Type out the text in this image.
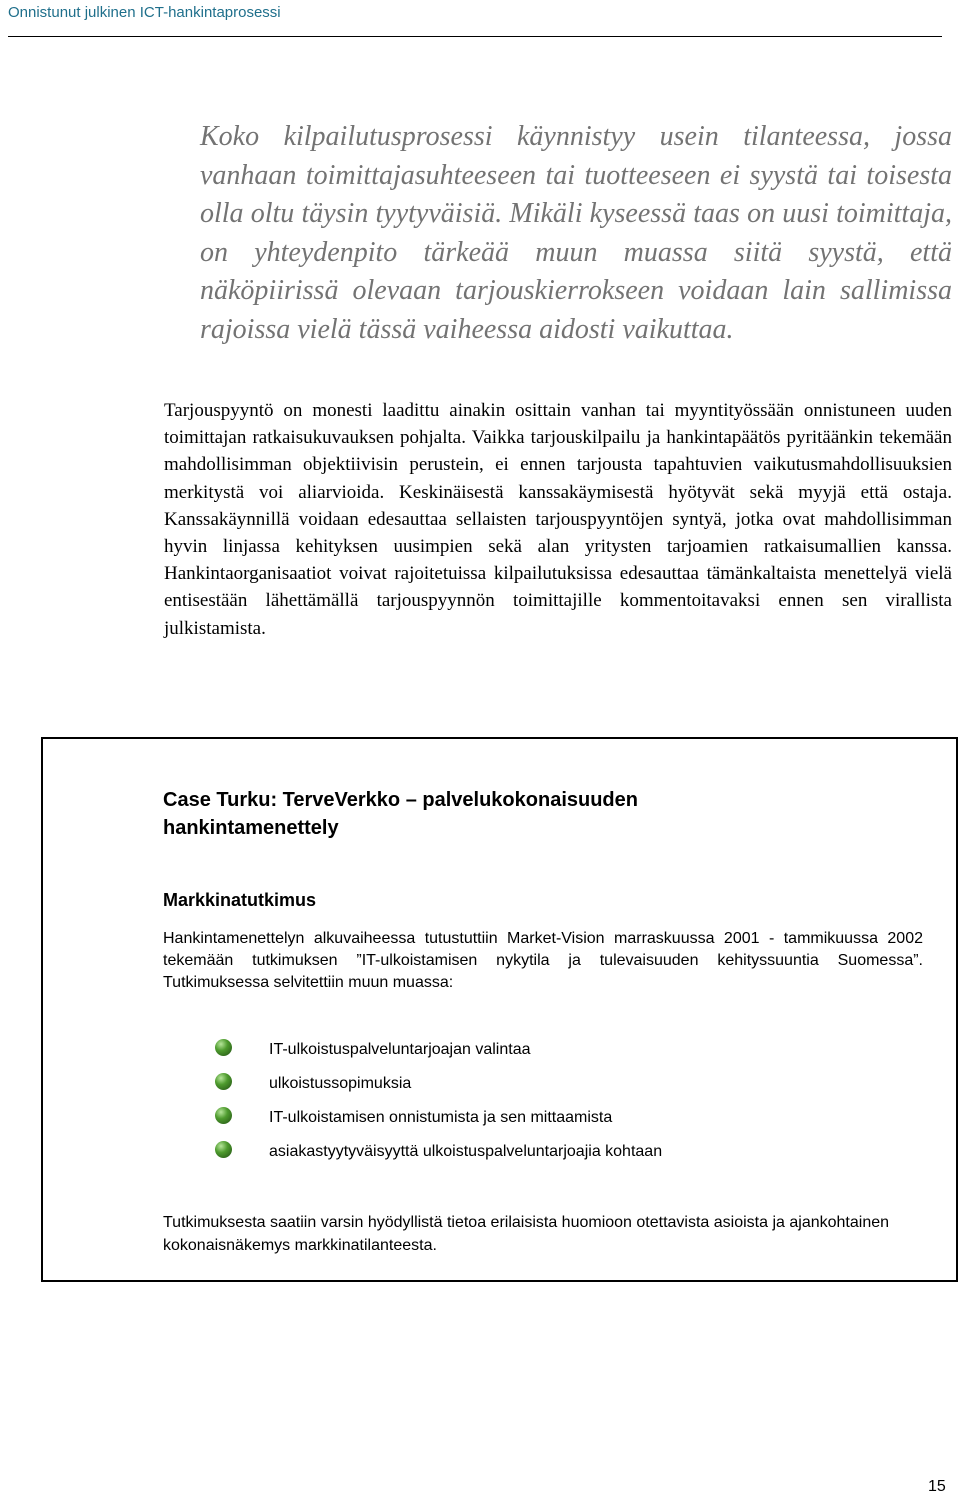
Onnistunut julkinen ICT-hankintaprosessi

Koko kilpailutusprosessi käynnistyy usein tilanteessa, jossa vanhaan toimittajasuhteeseen tai tuotteeseen ei syystä tai toisesta olla oltu täysin tyytyväisiä. Mikäli kyseessä taas on uusi toimittaja, on yhteydenpito tärkeää muun muassa siitä syystä, että näköpiirissä olevaan tarjouskierrokseen voidaan lain sallimissa rajoissa vielä tässä vaiheessa aidosti vaikuttaa.

Tarjouspyyntö on monesti laadittu ainakin osittain vanhan tai myyntityössään onnistuneen uuden toimittajan ratkaisukuvauksen pohjalta. Vaikka tarjouskilpailu ja hankintapäätös pyritäänkin tekemään mahdollisimman objektiivisin perustein, ei ennen tarjousta tapahtuvien vaikutusmahdollisuuksien merkitystä voi aliarvioida. Keskinäisestä kanssakäymisestä hyötyvät sekä myyjä että ostaja. Kanssakäynnillä voidaan edesauttaa sellaisten tarjouspyyntöjen syntyä, jotka ovat mahdollisimman hyvin linjassa kehityksen uusimpien sekä alan yritysten tarjoamien ratkaisumallien kanssa. Hankintaorganisaatiot voivat rajoitetuissa kilpailutuksissa edesauttaa tämänkaltaista menettelyä vielä entisestään lähettämällä tarjouspyynnön toimittajille kommentoitavaksi ennen sen virallista julkistamista.

Case Turku: TerveVerkko – palvelukokonaisuuden hankintamenettely
Markkinatutkimus

Hankintamenettelyn alkuvaiheessa tutustuttiin Market-Vision marraskuussa 2001 - tammikuussa 2002 tekemään tutkimuksen ”IT-ulkoistamisen nykytila ja tulevaisuuden kehityssuuntia Suomessa”. Tutkimuksessa selvitettiin muun muassa:

IT-ulkoistuspalveluntarjoajan valintaa
ulkoistussopimuksia
IT-ulkoistamisen onnistumista ja sen mittaamista
asiakastyytyväisyyttä ulkoistuspalveluntarjoajia kohtaan

Tutkimuksesta saatiin varsin hyödyllistä tietoa erilaisista huomioon otettavista asioista ja ajankohtainen kokonaisnäkemys markkinatilanteesta.

15
